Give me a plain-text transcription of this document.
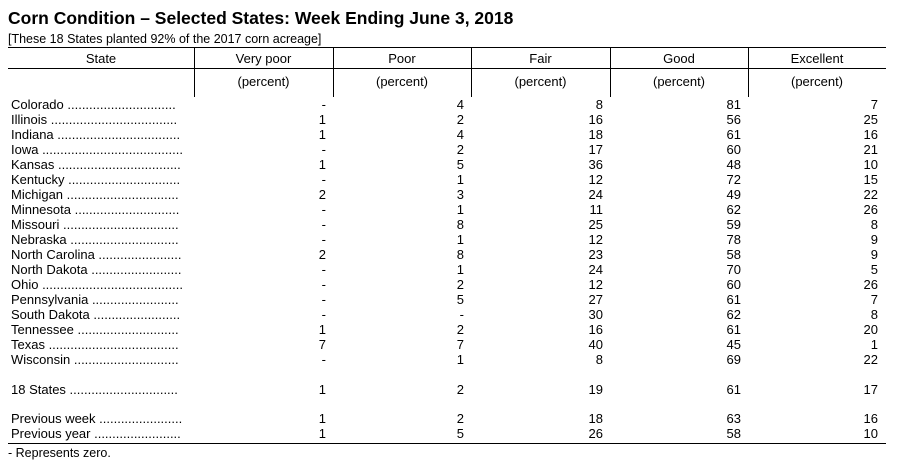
Corn Condition – Selected States: Week Ending June 3, 2018
[These 18 States planted 92% of the 2017 corn acreage]
State	Very poor	Poor	Fair	Good	Excellent
(percent)	(percent)	(percent)	(percent)	(percent)
Colorado ..............................	-	4	8	81	7
Illinois ...................................	1	2	16	56	25
Indiana ..................................	1	4	18	61	16
Iowa .......................................	-	2	17	60	21
Kansas ..................................	1	5	36	48	10
Kentucky ...............................	-	1	12	72	15
Michigan ...............................	2	3	24	49	22
Minnesota .............................	-	1	11	62	26
Missouri ................................	-	8	25	59	8
Nebraska ..............................	-	1	12	78	9
North Carolina .......................	2	8	23	58	9
North Dakota .........................	-	1	24	70	5
Ohio .......................................	-	2	12	60	26
Pennsylvania ........................	-	5	27	61	7
South Dakota ........................	-	-	30	62	8
Tennessee ............................	1	2	16	61	20
Texas ....................................	7	7	40	45	1
Wisconsin .............................	-	1	8	69	22
18 States ..............................	1	2	19	61	17
Previous week .......................	1	2	18	63	16
Previous year ........................	1	5	26	58	10
- Represents zero.
